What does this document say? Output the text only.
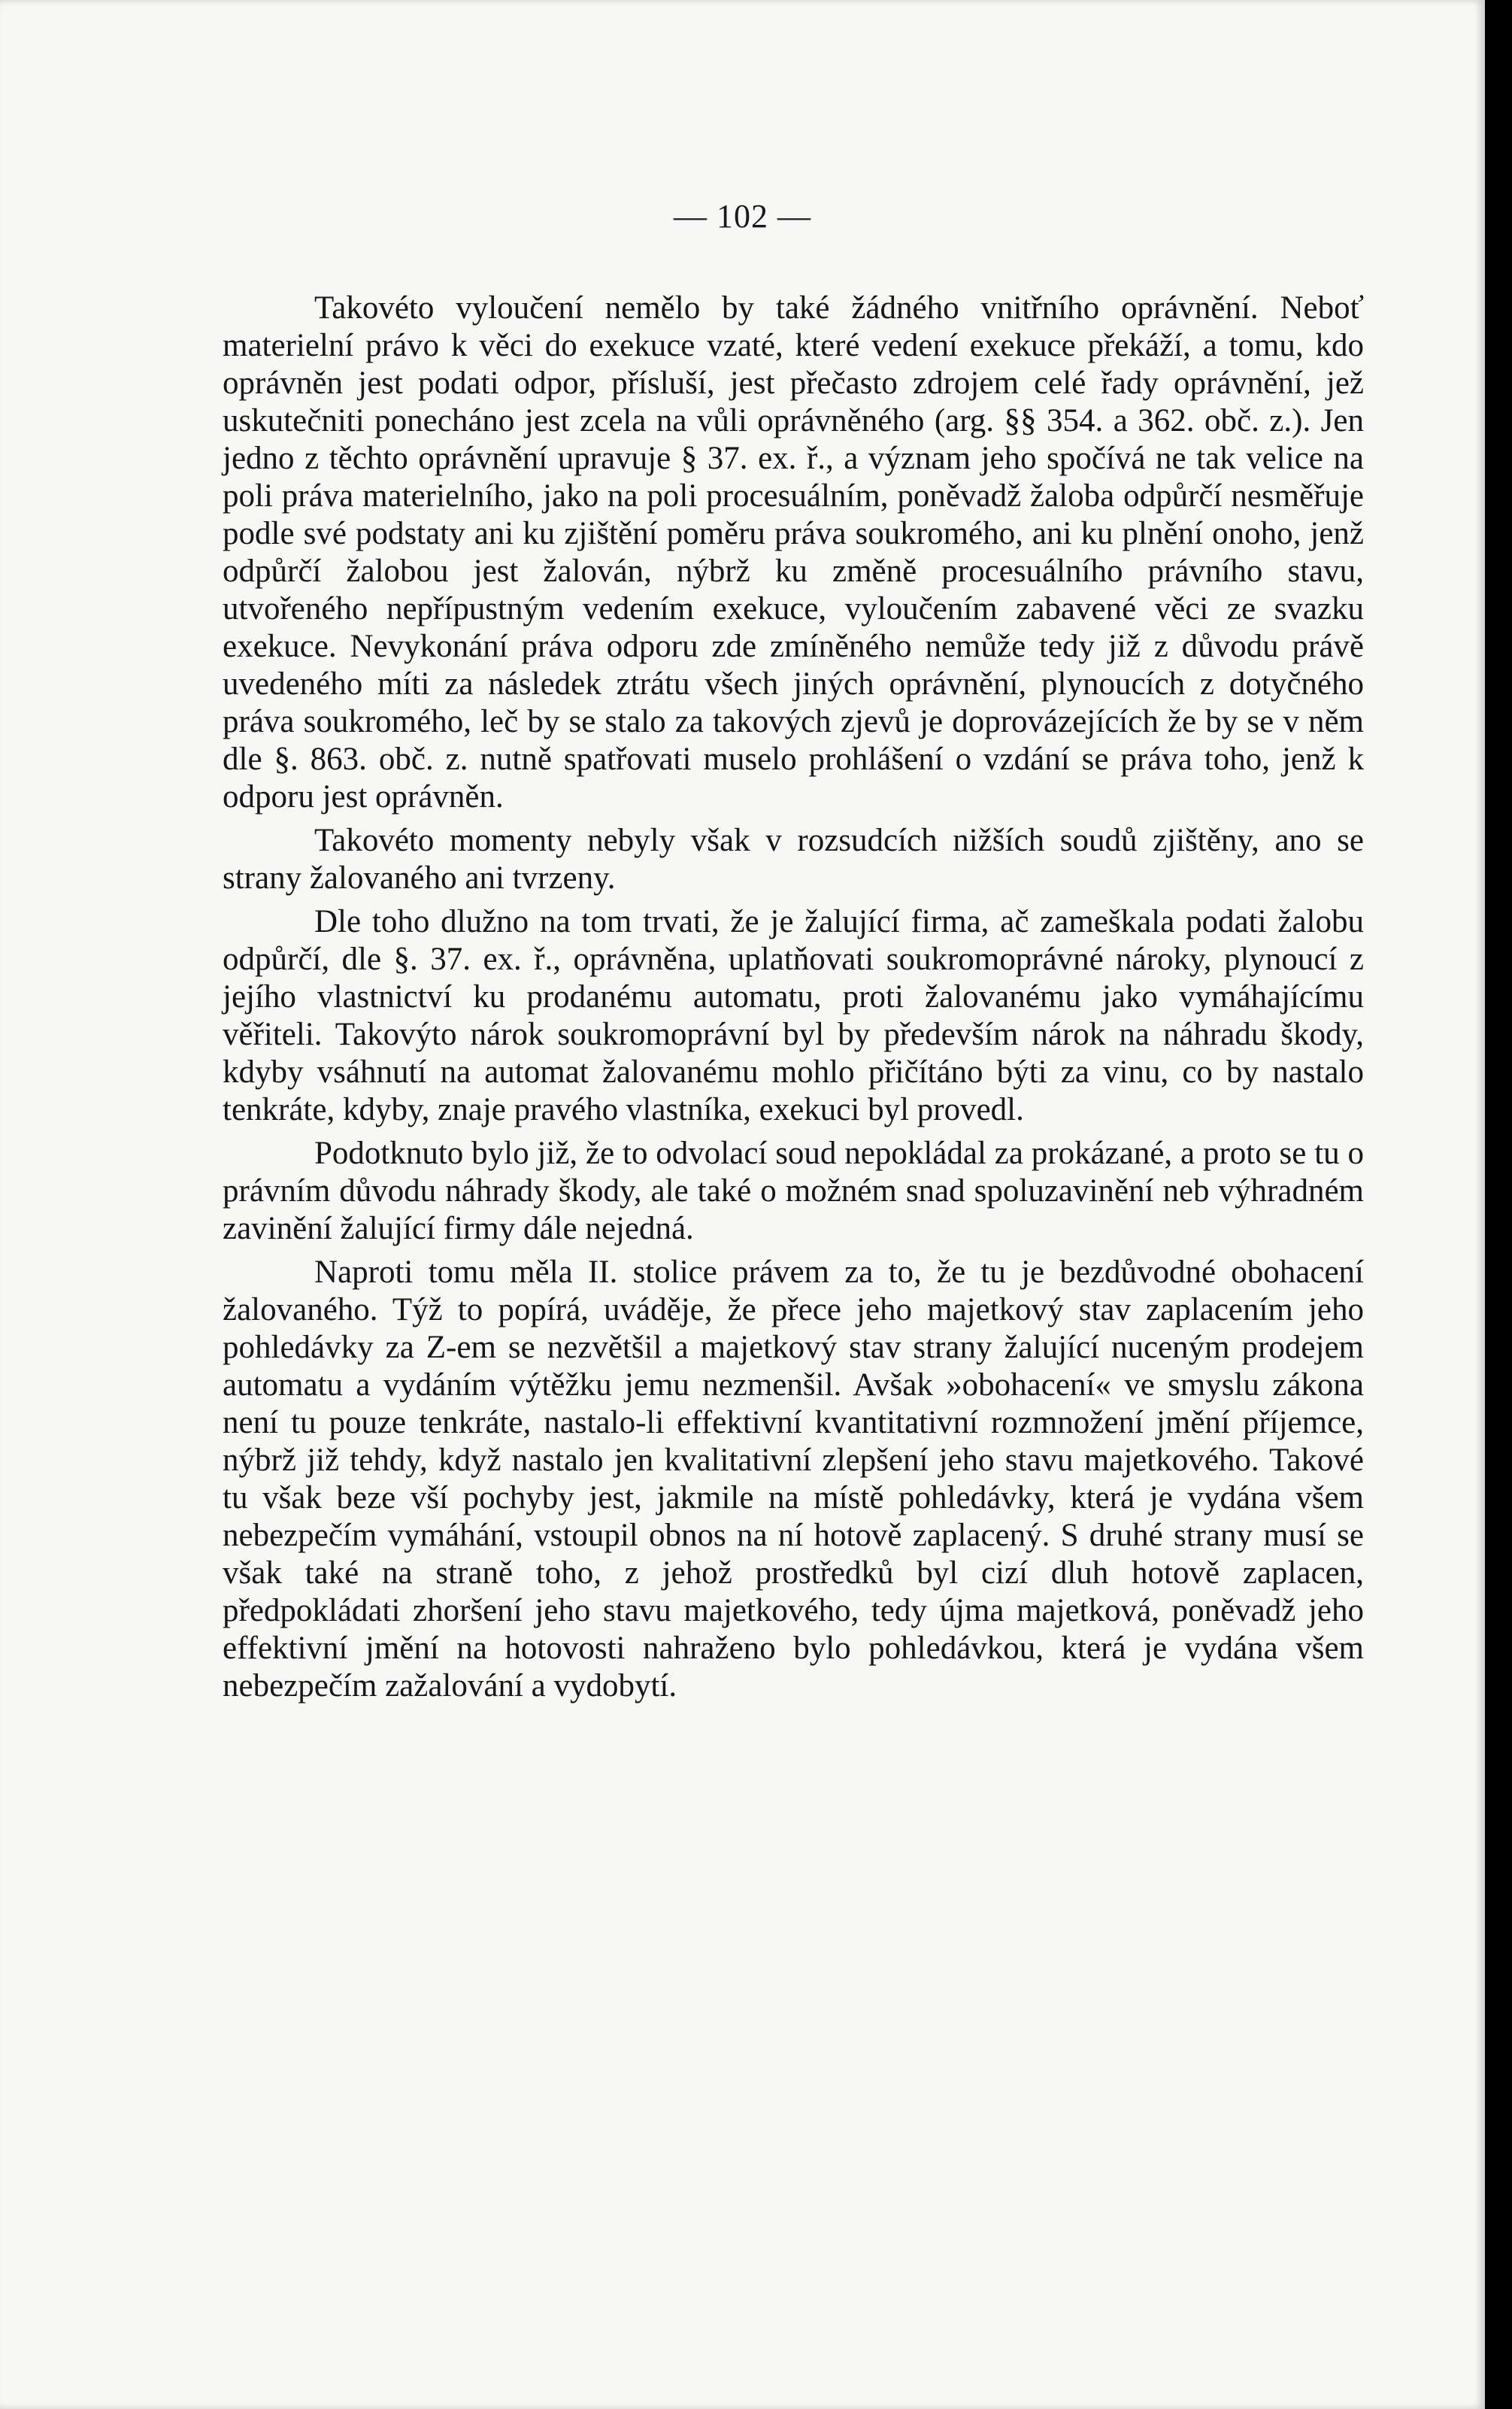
— 102 —

Takovéto vyloučení nemělo by také žádného vnitřního oprávnění. Neboť materielní právo k věci do exekuce vzaté, které vedení exekuce překáží, a tomu, kdo oprávněn jest podati odpor, přísluší, jest přečasto zdrojem celé řady oprávnění, jež uskutečniti ponecháno jest zcela na vůli oprávněného (arg. §§ 354. a 362. obč. z.). Jen jedno z těchto oprávnění upravuje § 37. ex. ř., a význam jeho spočívá ne tak velice na poli práva materielního, jako na poli procesuálním, poněvadž žaloba odpůrčí nesměřuje podle své podstaty ani ku zjištění poměru práva soukromého, ani ku plnění onoho, jenž odpůrčí žalobou jest žalován, nýbrž ku změně procesuálního právního stavu, utvořeného nepřípustným vedením exekuce, vyloučením zabavené věci ze svazku exekuce. Nevykonání práva odporu zde zmíněného nemůže tedy již z důvodu právě uvedeného míti za následek ztrátu všech jiných oprávnění, plynoucích z dotyčného práva soukromého, leč by se stalo za takových zjevů je doprovázejících že by se v něm dle §. 863. obč. z. nutně spatřovati muselo prohlášení o vzdání se práva toho, jenž k odporu jest oprávněn.

Takovéto momenty nebyly však v rozsudcích nižších soudů zjištěny, ano se strany žalovaného ani tvrzeny.

Dle toho dlužno na tom trvati, že je žalující firma, ač zameškala podati žalobu odpůrčí, dle §. 37. ex. ř., oprávněna, uplatňovati soukromoprávné nároky, plynoucí z jejího vlastnictví ku prodanému automatu, proti žalovanému jako vymáhajícímu věřiteli. Takovýto nárok soukromoprávní byl by především nárok na náhradu škody, kdyby vsáhnutí na automat žalovanému mohlo přičítáno býti za vinu, co by nastalo tenkráte, kdyby, znaje pravého vlastníka, exekuci byl provedl.

Podotknuto bylo již, že to odvolací soud nepokládal za prokázané, a proto se tu o právním důvodu náhrady škody, ale také o možném snad spoluzavinění neb výhradném zavinění žalující firmy dále nejedná.

Naproti tomu měla II. stolice právem za to, že tu je bezdůvodné obohacení žalovaného. Týž to popírá, uváděje, že přece jeho majetkový stav zaplacením jeho pohledávky za Z-em se nezvětšil a majetkový stav strany žalující nuceným prodejem automatu a vydáním výtěžku jemu nezmenšil. Avšak »obohacení« ve smyslu zákona není tu pouze tenkráte, nastalo-li effektivní kvantitativní rozmnožení jmění příjemce, nýbrž již tehdy, když nastalo jen kvalitativní zlepšení jeho stavu majetkového. Takové tu však beze vší pochyby jest, jakmile na místě pohledávky, která je vydána všem nebezpečím vymáhání, vstoupil obnos na ní hotově zaplacený. S druhé strany musí se však také na straně toho, z jehož prostředků byl cizí dluh hotově zaplacen, předpokládati zhoršení jeho stavu majetkového, tedy újma majetková, poněvadž jeho effektivní jmění na hotovosti nahraženo bylo pohledávkou, která je vydána všem nebezpečím zažalování a vydobytí.
